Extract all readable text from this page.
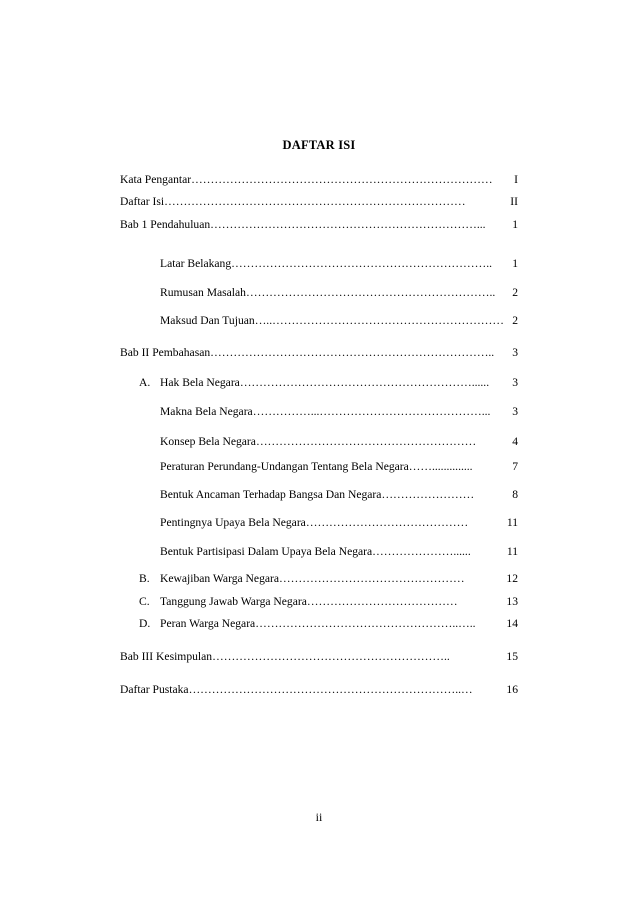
DAFTAR ISI
Kata Pengantar ……………………………………………………………………	I
Daftar Isi ……………………………………………………………………	II
Bab 1 Pendahuluan ……………………………………………………………...	1
Latar Belakang …………………………………………………………..	1
Rumusan Masalah ………………………………………………………..	2
Maksud Dan Tujuan …..…………………………………………………… 2
Bab II Pembahasan ………………………………………………………………..	3
A. Hak Bela Negara ……………………………………………………......	3
Makna Bela Negara ……………...……………………………………...	3
Konsep Bela Negara …………………………………………………	4
Peraturan Perundang-Undangan Tentang Bela Negara ……..............	7
Bentuk Ancaman Terhadap Bangsa Dan Negara ……………………	8
Pentingnya Upaya Bela Negara ……………………………………	11
Bentuk Partisipasi Dalam Upaya Bela Negara …………………......	11
B. Kewajiban Warga Negara …………………………………………	12
C. Tanggung Jawab Warga Negara …………………………………	13
D. Peran Warga Negara ……………………………………………..…..	14
Bab III Kesimpulan ……………………………………………………..	15
Daftar Pustaka ……………………………………………………………..…	16
ii
